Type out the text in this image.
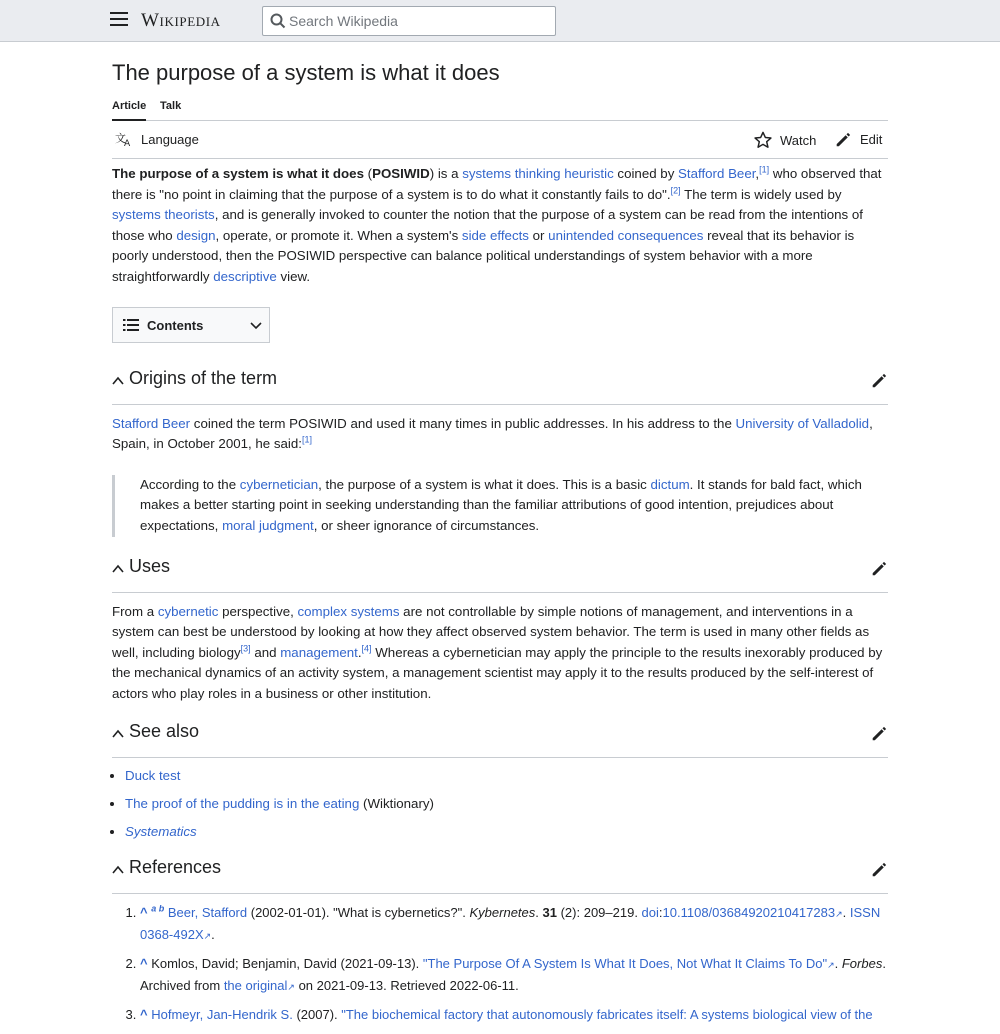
Wikipedia
Search Wikipedia
The purpose of a system is what it does
Article Talk
文
A Language	Watch	Edit

The purpose of a system is what it does (POSIWID) is a systems thinking heuristic coined by Stafford Beer,[1] who observed that there is "no point in claiming that the purpose of a system is to do what it constantly fails to do".[2] The term is widely used by systems theorists, and is generally invoked to counter the notion that the purpose of a system can be read from the intentions of those who design, operate, or promote it. When a system's side effects or unintended consequences reveal that its behavior is poorly understood, then the POSIWID perspective can balance political understandings of system behavior with a more straightforwardly descriptive view.

Contents
Origins of the term

Stafford Beer coined the term POSIWID and used it many times in public addresses. In his address to the University of Valladolid, Spain, in October 2001, he said:[1]

According to the cybernetician, the purpose of a system is what it does. This is a basic dictum. It stands for bald fact, which makes a better starting point in seeking understanding than the familiar attributions of good intention, prejudices about expectations, moral judgment, or sheer ignorance of circumstances.
Uses

From a cybernetic perspective, complex systems are not controllable by simple notions of management, and interventions in a system can best be understood by looking at how they affect observed system behavior. The term is used in many other fields as well, including biology[3] and management.[4] Whereas a cybernetician may apply the principle to the results inexorably produced by the mechanical dynamics of an activity system, a management scientist may apply it to the results produced by the self-interest of actors who play roles in a business or other institution.

See also
• Duck test
• The proof of the pudding is in the eating (Wiktionary)
• Systematics
References
1. ^ $^{a b}$ Beer, Stafford (2002-01-01). "What is cybernetics?". Kybernetes. 31 (2): 209–219. doi:10.1108/03684920210417283↗. ISSN 0368-492X↗.
2. ^ Komlos, David; Benjamin, David (2021-09-13). "The Purpose Of A System Is What It Does, Not What It Claims To Do"↗. Forbes. Archived from the original↗ on 2021-09-13. Retrieved 2022-06-11.
3. ^ Hofmeyr, Jan-Hendrik S. (2007). "The biochemical factory that autonomously fabricates itself: A systems biological view of the
